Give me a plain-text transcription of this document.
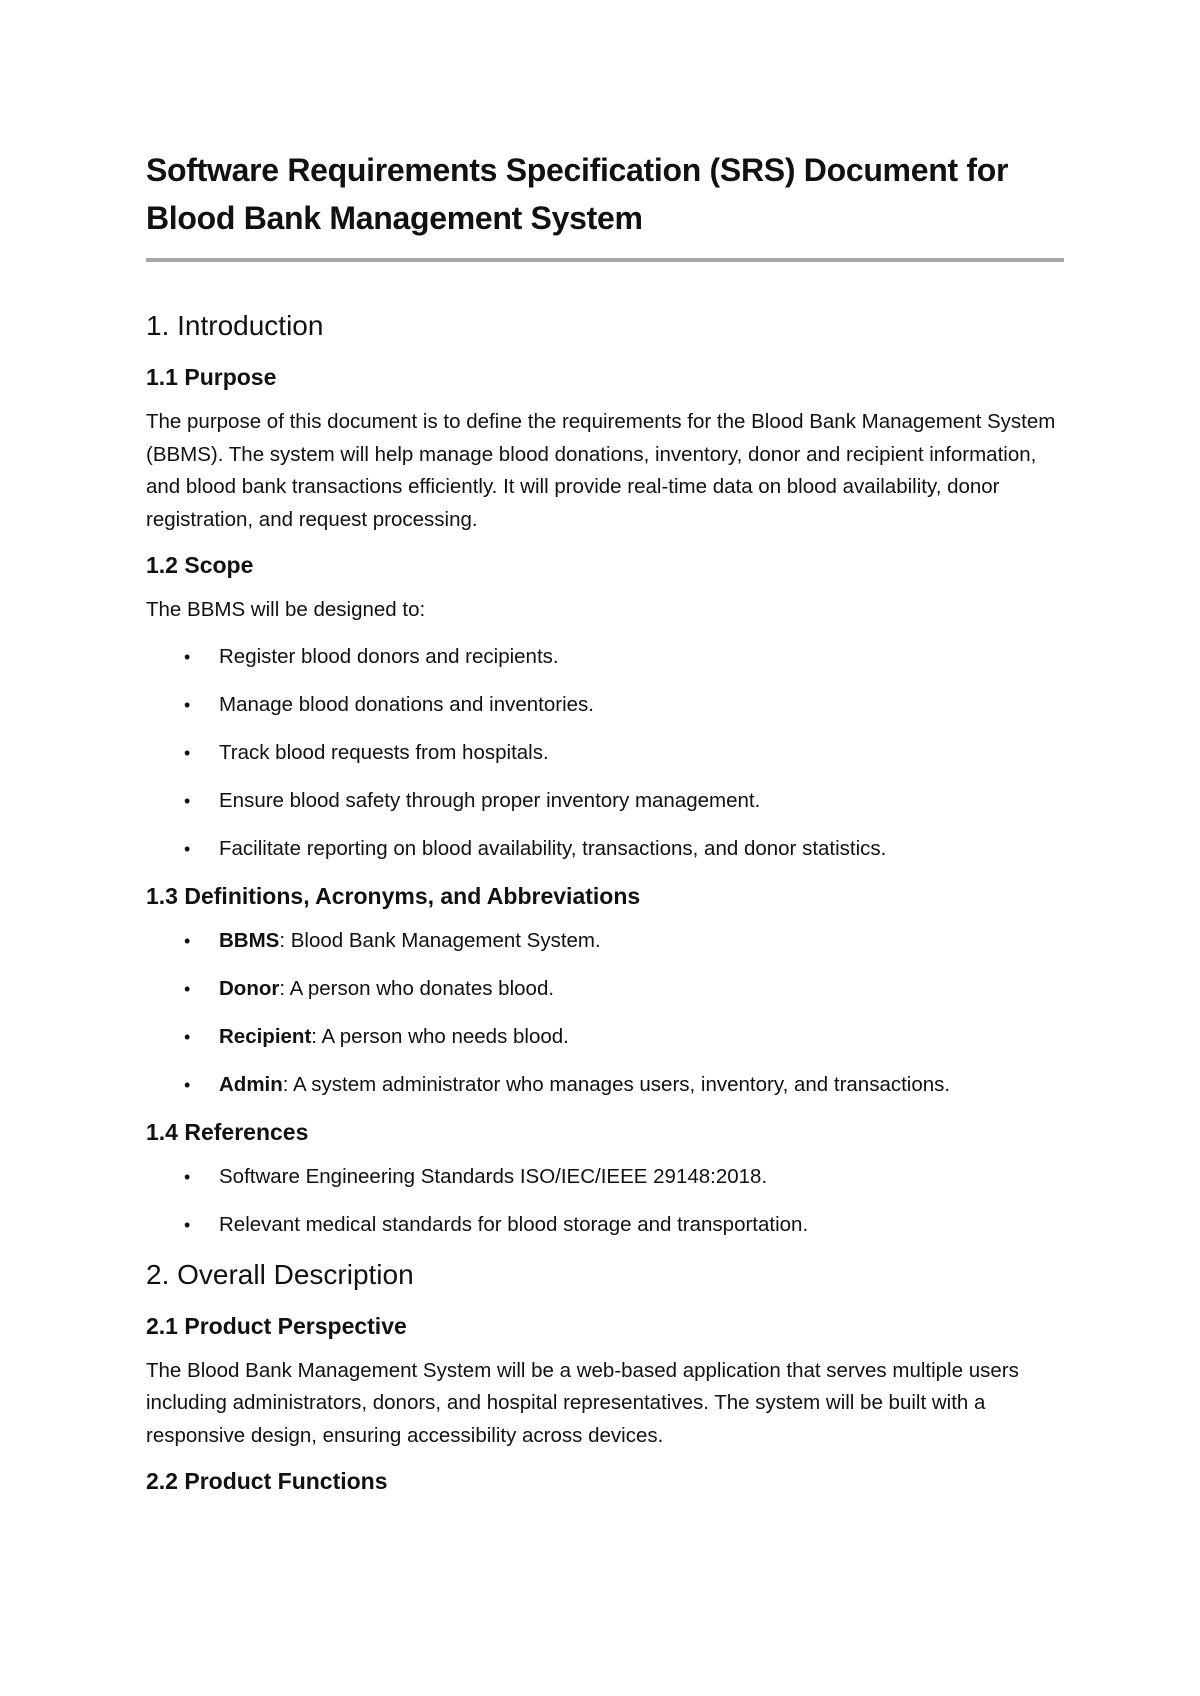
Software Requirements Specification (SRS) Document for Blood Bank Management System
1. Introduction
1.1 Purpose

The purpose of this document is to define the requirements for the Blood Bank Management System (BBMS). The system will help manage blood donations, inventory, donor and recipient information, and blood bank transactions efficiently. It will provide real-time data on blood availability, donor registration, and request processing.

1.2 Scope

The BBMS will be designed to:

• Register blood donors and recipients.
• Manage blood donations and inventories.
• Track blood requests from hospitals.
• Ensure blood safety through proper inventory management.
• Facilitate reporting on blood availability, transactions, and donor statistics.
1.3 Definitions, Acronyms, and Abbreviations
• BBMS: Blood Bank Management System.
• Donor: A person who donates blood.
• Recipient: A person who needs blood.
• Admin: A system administrator who manages users, inventory, and transactions.
1.4 References
• Software Engineering Standards ISO/IEC/IEEE 29148:2018.
• Relevant medical standards for blood storage and transportation.
2. Overall Description
2.1 Product Perspective

The Blood Bank Management System will be a web-based application that serves multiple users including administrators, donors, and hospital representatives. The system will be built with a responsive design, ensuring accessibility across devices.

2.2 Product Functions
